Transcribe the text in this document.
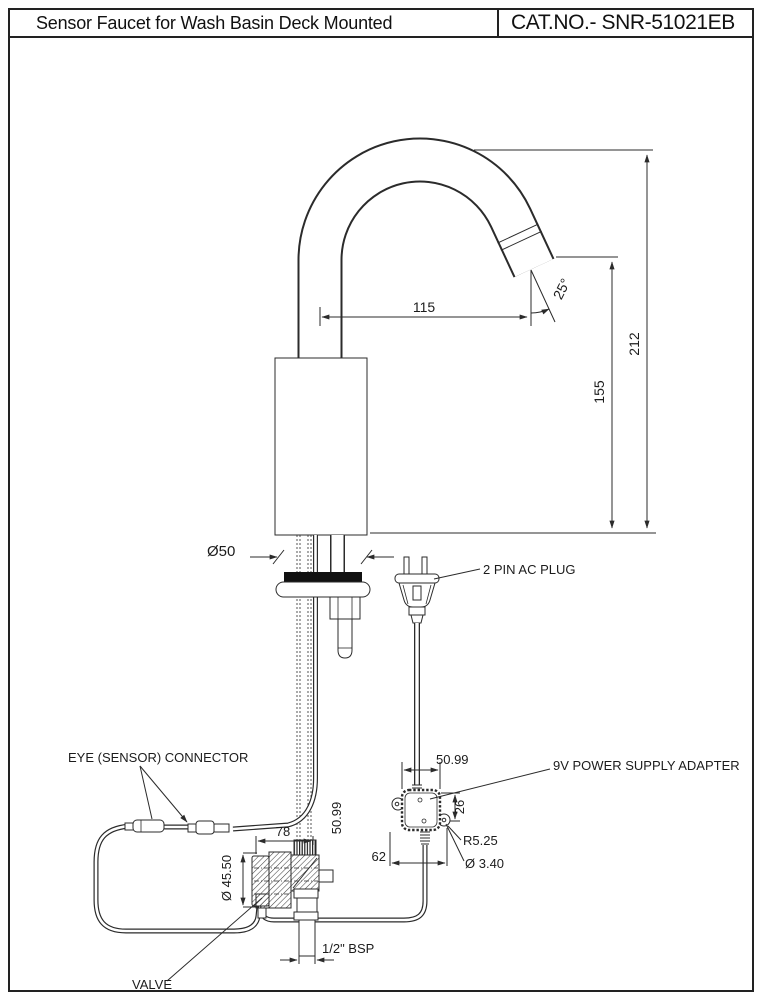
Sensor Faucet for Wash Basin Deck Mounted	CAT.NO.- SNR-51021EB
115
25°
155
212
Ø50
50.99
78
Ø 45.50
50.99
62
26
R5.25
Ø 3.40
1/2" BSP
2 PIN AC PLUG
EYE (SENSOR) CONNECTOR
9V POWER SUPPLY ADAPTER
VALVE
